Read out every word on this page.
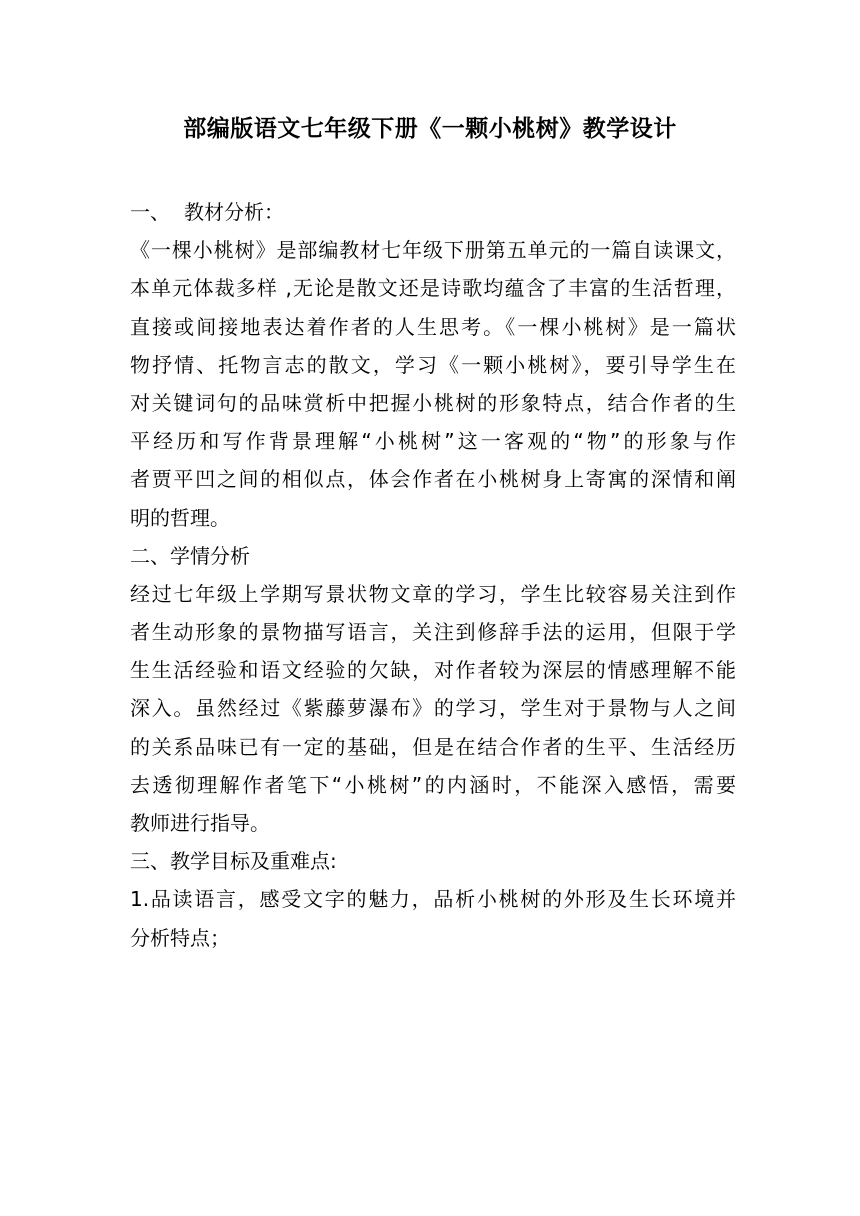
部编版语文七年级下册《一颗小桃树》教学设计
一、 教材分析：
《一棵小桃树》是部编教材七年级下册第五单元的一篇自读课文，
本单元体裁多样 ,无论是散文还是诗歌均蕴含了丰富的生活哲理，
直接或间接地表达着作者的人生思考。《一棵小桃树》是一篇状
物抒情、托物言志的散文，学习《一颗小桃树》，要引导学生在
对关键词句的品味赏析中把握小桃树的形象特点，结合作者的生
平经历和写作背景理解“小桃树”这一客观的“物”的形象与作
者贾平凹之间的相似点，体会作者在小桃树身上寄寓的深情和阐
明的哲理。
二、学情分析
经过七年级上学期写景状物文章的学习，学生比较容易关注到作
者生动形象的景物描写语言，关注到修辞手法的运用，但限于学
生生活经验和语文经验的欠缺，对作者较为深层的情感理解不能
深入。虽然经过《紫藤萝瀑布》的学习，学生对于景物与人之间
的关系品味已有一定的基础，但是在结合作者的生平、生活经历
去透彻理解作者笔下“小桃树”的内涵时，不能深入感悟，需要
教师进行指导。
三、教学目标及重难点:
1.品读语言，感受文字的魅力，品析小桃树的外形及生长环境并
分析特点；
